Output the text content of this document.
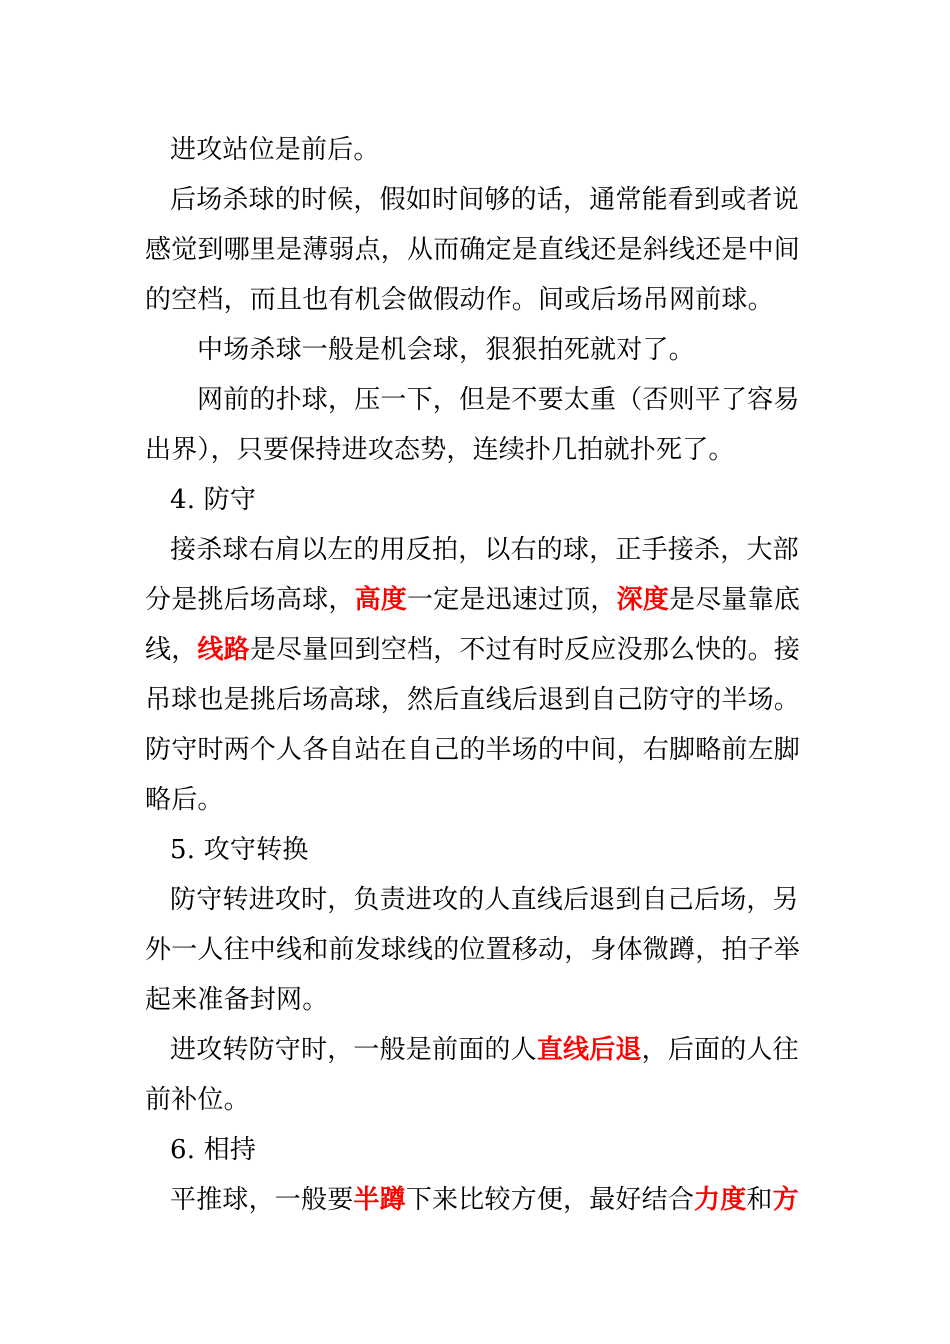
进攻站位是前后。
后场杀球的时候，假如时间够的话，通常能看到或者说
感觉到哪里是薄弱点，从而确定是直线还是斜线还是中间
的空档，而且也有机会做假动作。间或后场吊网前球。
中场杀球一般是机会球，狠狠拍死就对了。
网前的扑球，压一下，但是不要太重（否则平了容易
出界），只要保持进攻态势，连续扑几拍就扑死了。
4. 防守
接杀球右肩以左的用反拍，以右的球，正手接杀，大部
分是挑后场高球，高度一定是迅速过顶，深度是尽量靠底
线，线路是尽量回到空档，不过有时反应没那么快的。接
吊球也是挑后场高球，然后直线后退到自己防守的半场。
防守时两个人各自站在自己的半场的中间，右脚略前左脚
略后。
5. 攻守转换
防守转进攻时，负责进攻的人直线后退到自己后场，另
外一人往中线和前发球线的位置移动，身体微蹲，拍子举
起来准备封网。
进攻转防守时，一般是前面的人直线后退，后面的人往
前补位。
6. 相持
平推球，一般要半蹲下来比较方便，最好结合力度和方
